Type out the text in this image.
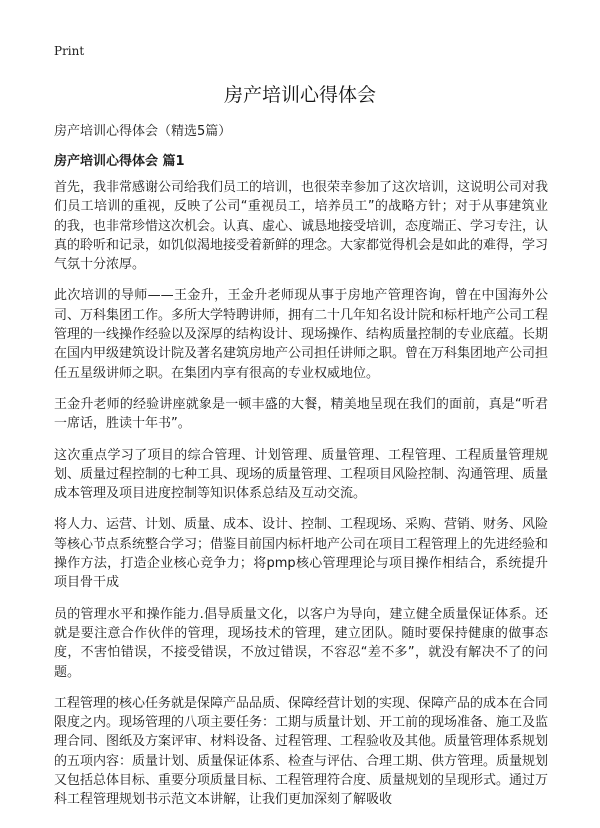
Print
房产培训心得体会

房产培训心得体会（精选5篇）

房产培训心得体会 篇1

首先，我非常感谢公司给我们员工的培训，也很荣幸参加了这次培训，这说明公司对我们员工培训的重视，反映了公司“重视员工，培养员工”的战略方针；对于从事建筑业的我，也非常珍惜这次机会。认真、虚心、诚恳地接受培训，态度端正、学习专注，认真的聆听和记录，如饥似渴地接受着新鲜的理念。大家都觉得机会是如此的难得，学习气氛十分浓厚。

此次培训的导师——王金升，王金升老师现从事于房地产管理咨询，曾在中国海外公司、万科集团工作。多所大学特聘讲师，拥有二十几年知名设计院和标杆地产公司工程管理的一线操作经验以及深厚的结构设计、现场操作、结构质量控制的专业底蕴。长期在国内甲级建筑设计院及著名建筑房地产公司担任讲师之职。曾在万科集团地产公司担任五星级讲师之职。在集团内享有很高的专业权威地位。

王金升老师的经验讲座就象是一顿丰盛的大餐，精美地呈现在我们的面前，真是“听君一席话，胜读十年书”。

这次重点学习了项目的综合管理、计划管理、质量管理、工程管理、工程质量管理规划、质量过程控制的七种工具、现场的质量管理、工程项目风险控制、沟通管理、质量成本管理及项目进度控制等知识体系总结及互动交流。

将人力、运营、计划、质量、成本、设计、控制、工程现场、采购、营销、财务、风险等核心节点系统整合学习；借鉴目前国内标杆地产公司在项目工程管理上的先进经验和操作方法，打造企业核心竞争力；将pmp核心管理理论与项目操作相结合，系统提升项目骨干成

员的管理水平和操作能力.倡导质量文化，以客户为导向，建立健全质量保证体系。还就是要注意合作伙伴的管理，现场技术的管理，建立团队。随时要保持健康的做事态度，不害怕错误，不接受错误，不放过错误，不容忍“差不多”，就没有解决不了的问题。

工程管理的核心任务就是保障产品品质、保障经营计划的实现、保障产品的成本在合同限度之内。现场管理的八项主要任务：工期与质量计划、开工前的现场准备、施工及监理合同、图纸及方案评审、材料设备、过程管理、工程验收及其他。质量管理体系规划的五项内容：质量计划、质量保证体系、检查与评估、合理工期、供方管理。质量规划又包括总体目标、重要分项质量目标、工程管理符合度、质量规划的呈现形式。通过万科工程管理规划书示范文本讲解，让我们更加深刻了解吸收
